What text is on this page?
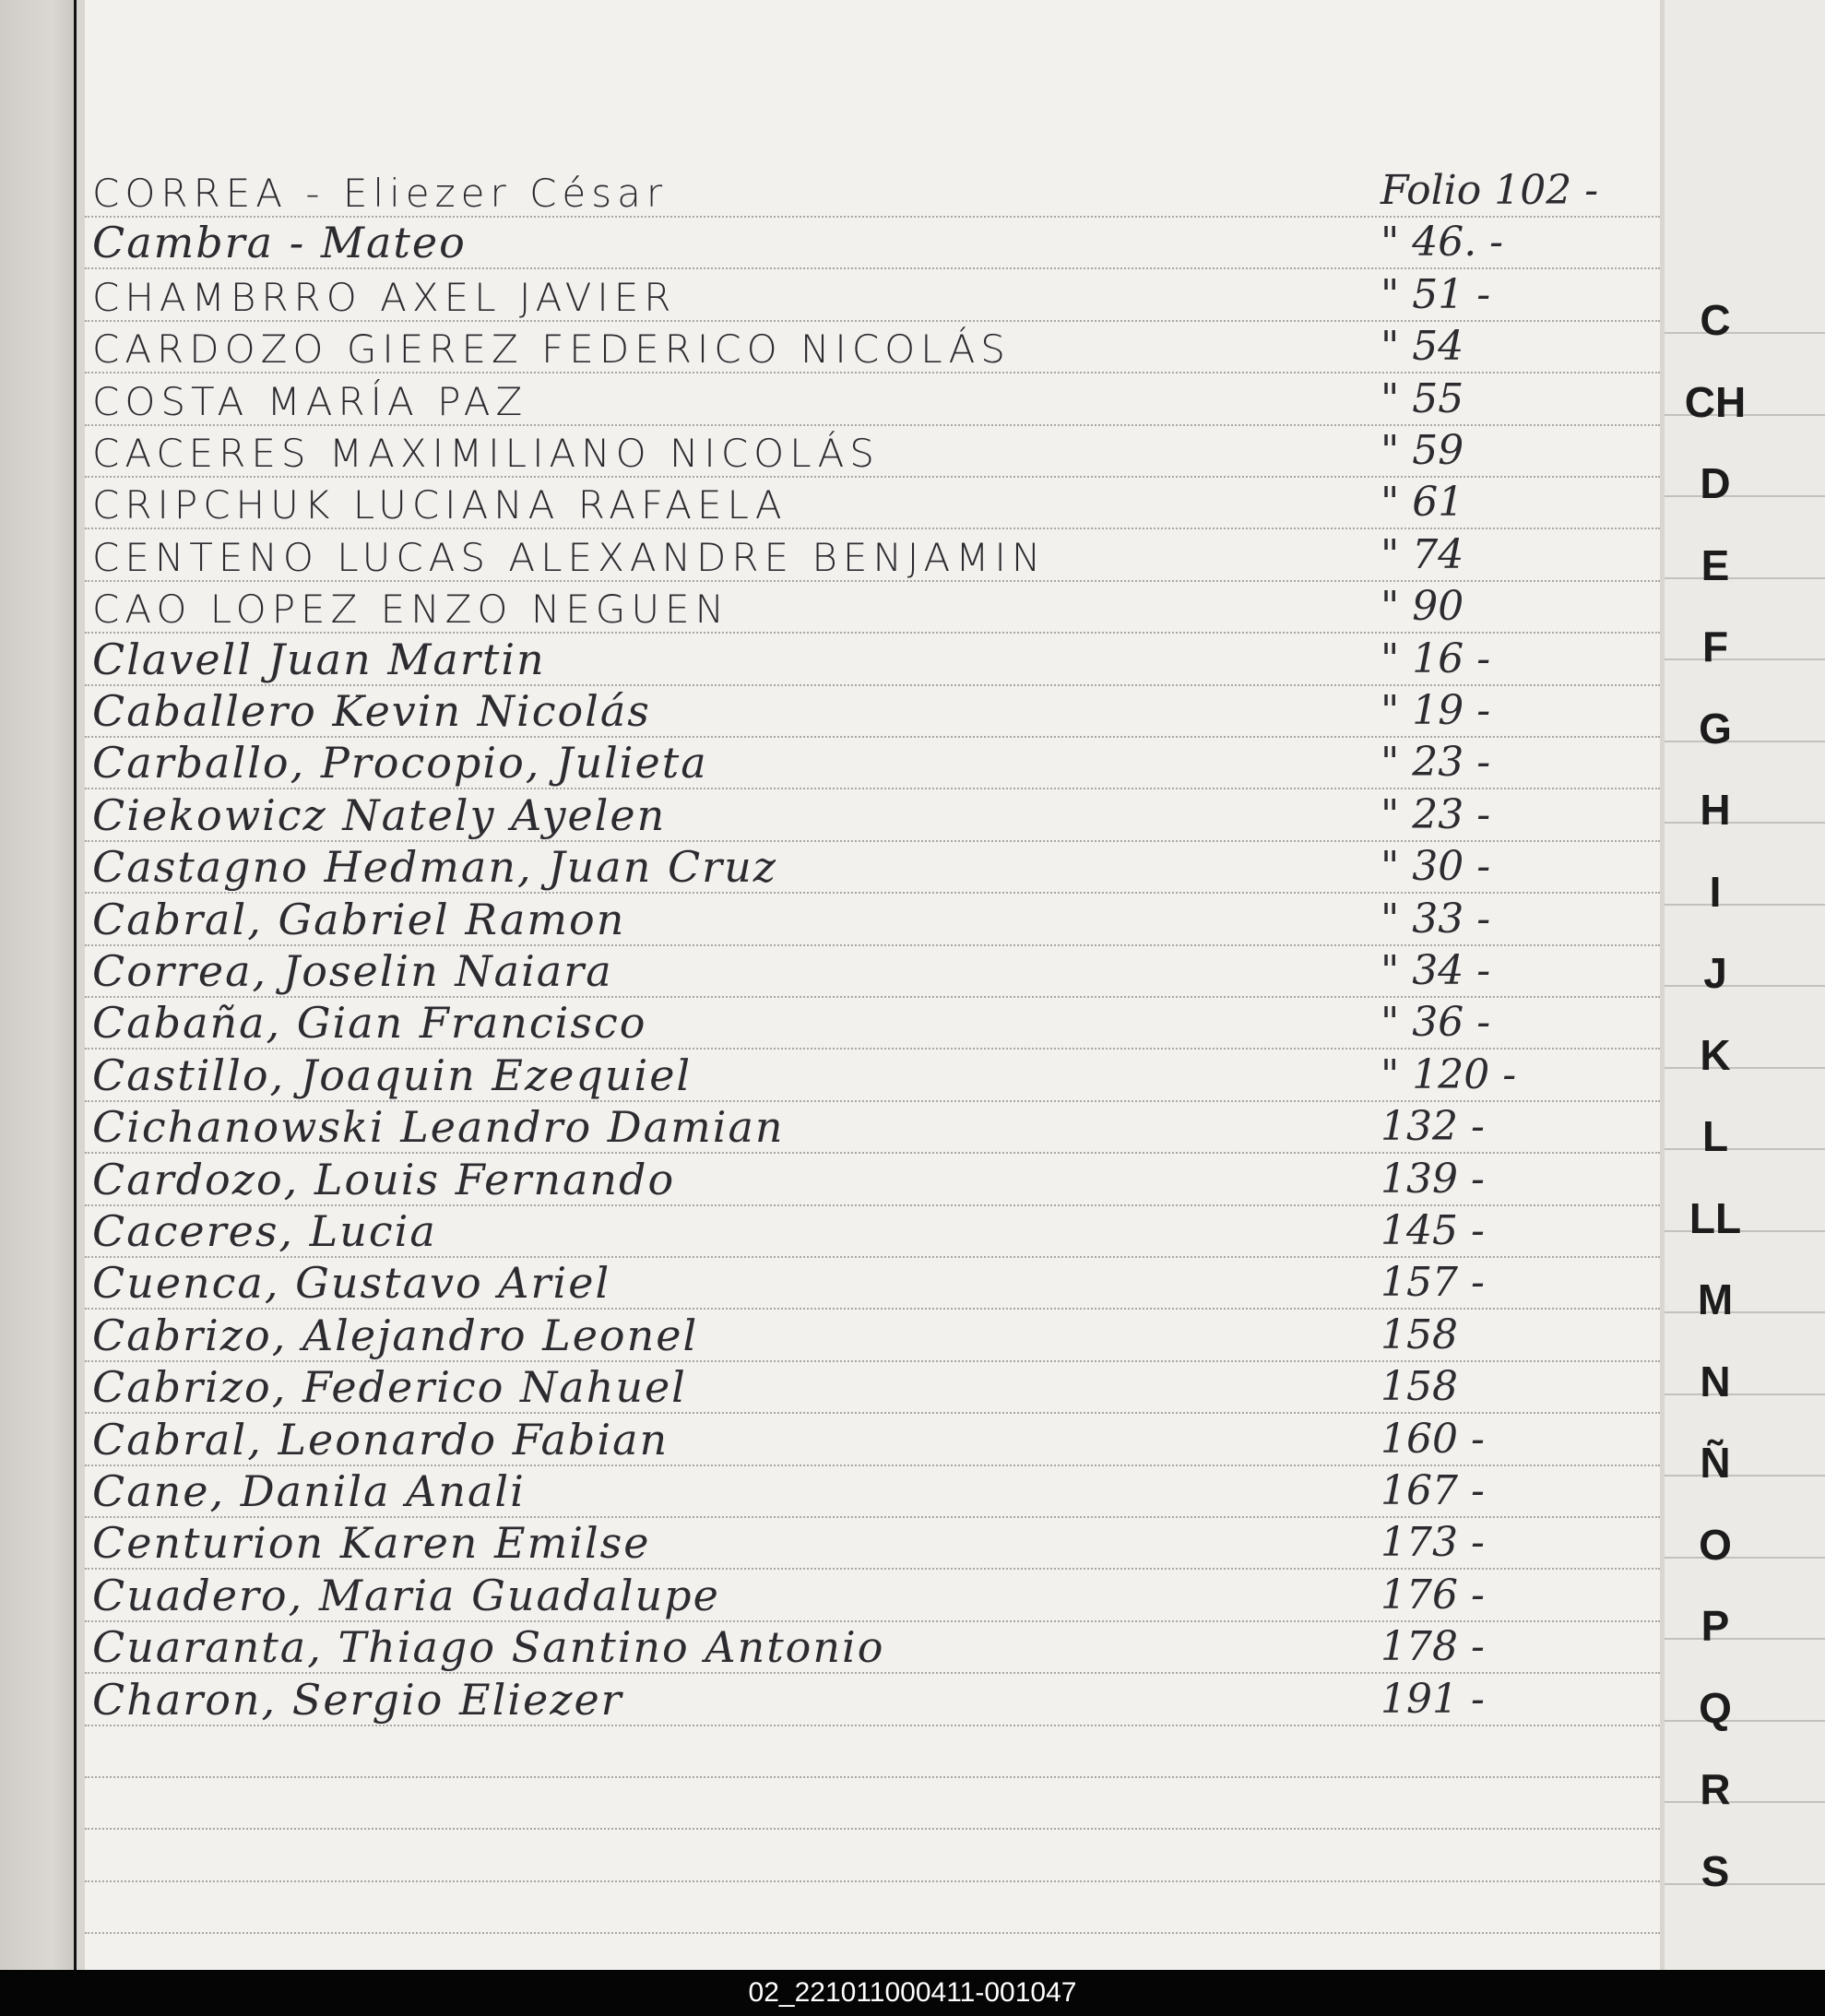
CORREA - Eliezer César	Folio 102 -
Cambra - Mateo	" 46. -
CHAMBRRO AXEL JAVIER	" 51 -
CARDOZO GIEREZ FEDERICO NICOLÁS	" 54
COSTA MARÍA PAZ	" 55
CACERES MAXIMILIANO NICOLÁS	" 59
CRIPCHUK LUCIANA RAFAELA	" 61
CENTENO LUCAS ALEXANDRE BENJAMIN	" 74
CAO LOPEZ ENZO NEGUEN	" 90
Clavell Juan Martin	" 16 -
Caballero Kevin Nicolás	" 19 -
Carballo, Procopio, Julieta	" 23 -
Ciekowicz Nately Ayelen	" 23 -
Castagno Hedman, Juan Cruz	" 30 -
Cabral, Gabriel Ramon	" 33 -
Correa, Joselin Naiara	" 34 -
Cabaña, Gian Francisco	" 36 -
Castillo, Joaquin Ezequiel	" 120 -
Cichanowski Leandro Damian	132 -
Cardozo, Louis Fernando	139 -
Caceres, Lucia	145 -
Cuenca, Gustavo Ariel	157 -
Cabrizo, Alejandro Leonel	158
Cabrizo, Federico Nahuel	158
Cabral, Leonardo Fabian	160 -
Cane, Danila Anali	167 -
Centurion Karen Emilse	173 -
Cuadero, Maria Guadalupe	176 -
Cuaranta, Thiago Santino Antonio	178 -
Charon, Sergio Eliezer	191 -
C
CH
D
E
F
G
H
I
J
K
L
LL
M
N
Ñ
O
P
Q
R
S
02_221011000411-001047
